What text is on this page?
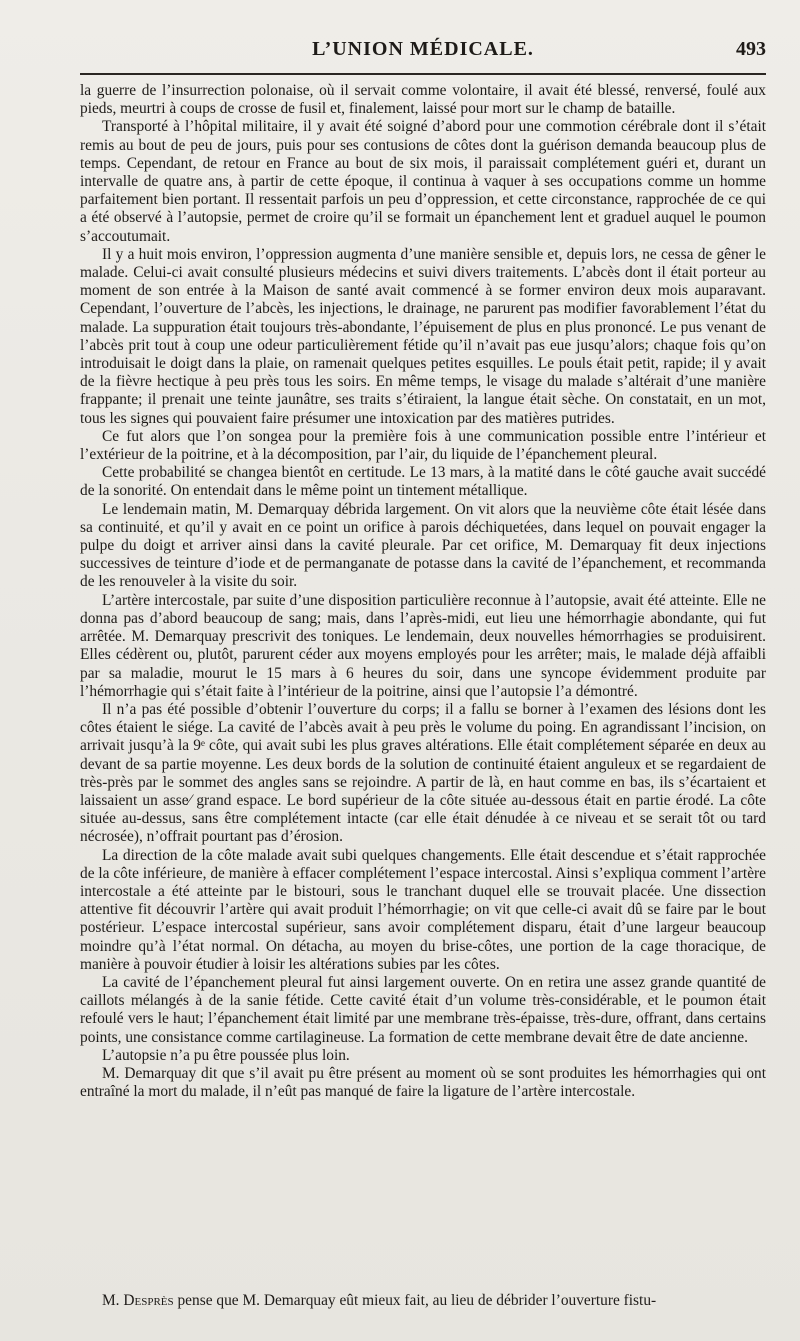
L’UNION MÉDICALE.	493

la guerre de l’insurrection polonaise, où il servait comme volontaire, il avait été blessé, renversé, foulé aux pieds, meurtri à coups de crosse de fusil et, finalement, laissé pour mort sur le champ de bataille.

Transporté à l’hôpital militaire, il y avait été soigné d’abord pour une commotion cérébrale dont il s’était remis au bout de peu de jours, puis pour ses contusions de côtes dont la guérison demanda beaucoup plus de temps. Cependant, de retour en France au bout de six mois, il paraissait complétement guéri et, durant un intervalle de quatre ans, à partir de cette époque, il continua à vaquer à ses occupations comme un homme parfaitement bien portant. Il ressentait parfois un peu d’oppression, et cette circonstance, rapprochée de ce qui a été observé à l’autopsie, permet de croire qu’il se formait un épanchement lent et graduel auquel le poumon s’accoutumait.

Il y a huit mois environ, l’oppression augmenta d’une manière sensible et, depuis lors, ne cessa de gêner le malade. Celui-ci avait consulté plusieurs médecins et suivi divers traitements. L’abcès dont il était porteur au moment de son entrée à la Maison de santé avait commencé à se former environ deux mois auparavant. Cependant, l’ouverture de l’abcès, les injections, le drainage, ne parurent pas modifier favorablement l’état du malade. La suppuration était toujours très-abondante, l’épuisement de plus en plus prononcé. Le pus venant de l’abcès prit tout à coup une odeur particulièrement fétide qu’il n’avait pas eue jusqu’alors; chaque fois qu’on introduisait le doigt dans la plaie, on ramenait quelques petites esquilles. Le pouls était petit, rapide; il y avait de la fièvre hectique à peu près tous les soirs. En même temps, le visage du malade s’altérait d’une manière frappante; il prenait une teinte jaunâtre, ses traits s’étiraient, la langue était sèche. On constatait, en un mot, tous les signes qui pouvaient faire présumer une intoxication par des matières putrides.

Ce fut alors que l’on songea pour la première fois à une communication possible entre l’intérieur et l’extérieur de la poitrine, et à la décomposition, par l’air, du liquide de l’épanchement pleural.

Cette probabilité se changea bientôt en certitude. Le 13 mars, à la matité dans le côté gauche avait succédé de la sonorité. On entendait dans le même point un tintement métallique.

Le lendemain matin, M. Demarquay débrida largement. On vit alors que la neuvième côte était lésée dans sa continuité, et qu’il y avait en ce point un orifice à parois déchiquetées, dans lequel on pouvait engager la pulpe du doigt et arriver ainsi dans la cavité pleurale. Par cet orifice, M. Demarquay fit deux injections successives de teinture d’iode et de permanganate de potasse dans la cavité de l’épanchement, et recommanda de les renouveler à la visite du soir.

L’artère intercostale, par suite d’une disposition particulière reconnue à l’autopsie, avait été atteinte. Elle ne donna pas d’abord beaucoup de sang; mais, dans l’après-midi, eut lieu une hémorrhagie abondante, qui fut arrêtée. M. Demarquay prescrivit des toniques. Le lendemain, deux nouvelles hémorrhagies se produisirent. Elles cédèrent ou, plutôt, parurent céder aux moyens employés pour les arrêter; mais, le malade déjà affaibli par sa maladie, mourut le 15 mars à 6 heures du soir, dans une syncope évidemment produite par l’hémorrhagie qui s’était faite à l’intérieur de la poitrine, ainsi que l’autopsie l’a démontré.

Il n’a pas été possible d’obtenir l’ouverture du corps; il a fallu se borner à l’examen des lésions dont les côtes étaient le siége. La cavité de l’abcès avait à peu près le volume du poing. En agrandissant l’incision, on arrivait jusqu’à la 9ᵉ côte, qui avait subi les plus graves altérations. Elle était complétement séparée en deux au devant de sa partie moyenne. Les deux bords de la solution de continuité étaient anguleux et se regardaient de très-près par le sommet des angles sans se rejoindre. A partir de là, en haut comme en bas, ils s’écartaient et laissaient un asse⁄ grand espace. Le bord supérieur de la côte située au-dessous était en partie érodé. La côte située au-dessus, sans être complétement intacte (car elle était dénudée à ce niveau et se serait tôt ou tard nécrosée), n’offrait pourtant pas d’érosion.

La direction de la côte malade avait subi quelques changements. Elle était descendue et s’était rapprochée de la côte inférieure, de manière à effacer complétement l’espace intercostal. Ainsi s’expliqua comment l’artère intercostale a été atteinte par le bistouri, sous le tranchant duquel elle se trouvait placée. Une dissection attentive fit découvrir l’artère qui avait produit l’hémorrhagie; on vit que celle-ci avait dû se faire par le bout postérieur. L’espace intercostal supérieur, sans avoir complétement disparu, était d’une largeur beaucoup moindre qu’à l’état normal. On détacha, au moyen du brise-côtes, une portion de la cage thoracique, de manière à pouvoir étudier à loisir les altérations subies par les côtes.

La cavité de l’épanchement pleural fut ainsi largement ouverte. On en retira une assez grande quantité de caillots mélangés à de la sanie fétide. Cette cavité était d’un volume très-considérable, et le poumon était refoulé vers le haut; l’épanchement était limité par une membrane très-épaisse, très-dure, offrant, dans certains points, une consistance comme cartilagineuse. La formation de cette membrane devait être de date ancienne.

L’autopsie n’a pu être poussée plus loin.

M. Demarquay dit que s’il avait pu être présent au moment où se sont produites les hémorrhagies qui ont entraîné la mort du malade, il n’eût pas manqué de faire la ligature de l’artère intercostale.

M. Desprès pense que M. Demarquay eût mieux fait, au lieu de débrider l’ouverture fistu-
